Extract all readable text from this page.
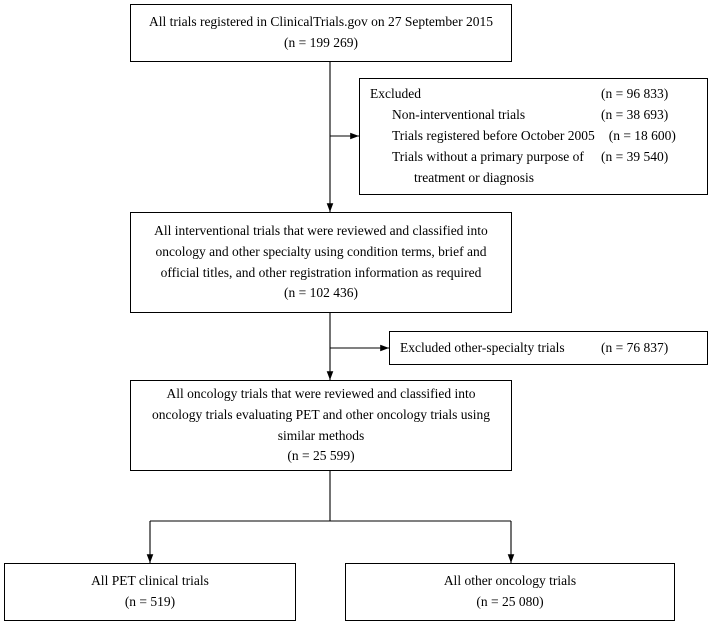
All trials registered in ClinicalTrials.gov on 27 September 2015
(n = 199 269)
Excluded	(n = 96 833)
Non-interventional trials	(n = 38 693)
Trials registered before October 2005	(n = 18 600)
Trials without a primary purpose of	(n = 39 540)
treatment or diagnosis
All interventional trials that were reviewed and classified into
oncology and other specialty using condition terms, brief and
official titles, and other registration information as required
(n = 102 436)
Excluded other-specialty trials	(n = 76 837)
All oncology trials that were reviewed and classified into
oncology trials evaluating PET and other oncology trials using
similar methods
(n = 25 599)
All PET clinical trials
(n = 519)
All other oncology trials
(n = 25 080)
